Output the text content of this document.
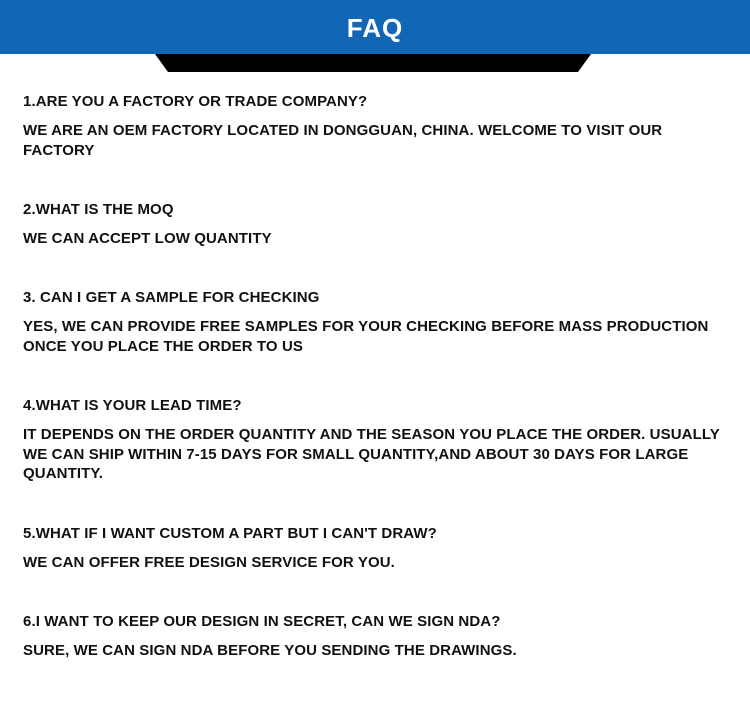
FAQ

1.ARE YOU A FACTORY OR TRADE COMPANY?

WE ARE AN OEM FACTORY LOCATED IN DONGGUAN, CHINA. WELCOME TO VISIT OUR FACTORY

2.WHAT IS THE MOQ

WE CAN ACCEPT LOW QUANTITY

3. CAN I GET A SAMPLE FOR CHECKING

YES, WE CAN PROVIDE FREE SAMPLES FOR YOUR CHECKING BEFORE MASS PRODUCTION ONCE YOU PLACE THE ORDER TO US

4.WHAT IS YOUR LEAD TIME?

IT DEPENDS ON THE ORDER QUANTITY AND THE SEASON YOU PLACE THE ORDER. USUALLY WE CAN SHIP WITHIN 7-15 DAYS FOR SMALL QUANTITY,AND ABOUT 30 DAYS FOR LARGE QUANTITY.

5.WHAT IF I WANT CUSTOM A PART BUT I CAN'T DRAW?

WE CAN OFFER FREE DESIGN SERVICE FOR YOU.

6.I WANT TO KEEP OUR DESIGN IN SECRET, CAN WE SIGN NDA?

SURE, WE CAN SIGN NDA BEFORE YOU SENDING THE DRAWINGS.
